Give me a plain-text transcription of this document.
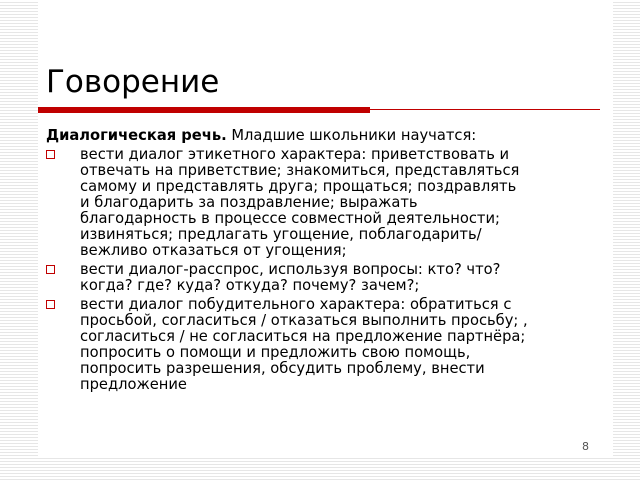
Говорение

Диалогическая речь. Младшие школьники научатся:

вести диалог этикетного характера: приветствовать и
отвечать на приветствие; знакомиться, представляться
самому и представлять друга; прощаться; поздравлять
и благодарить за поздравление; выражать
благодарность в процессе совместной деятельности;
извиняться; предлагать угощение, поблагодарить/
вежливо отказаться от угощения;
вести диалог-расспрос, используя вопросы: кто? что?
когда? где? куда? откуда? почему? зачем?;
вести диалог побудительного характера: обратиться с
просьбой, согласиться / отказаться выполнить просьбу; ,
согласиться / не согласиться на предложение партнёра;
попросить о помощи и предложить свою помощь,
попросить разрешения, обсудить проблему, внести
предложение
8
